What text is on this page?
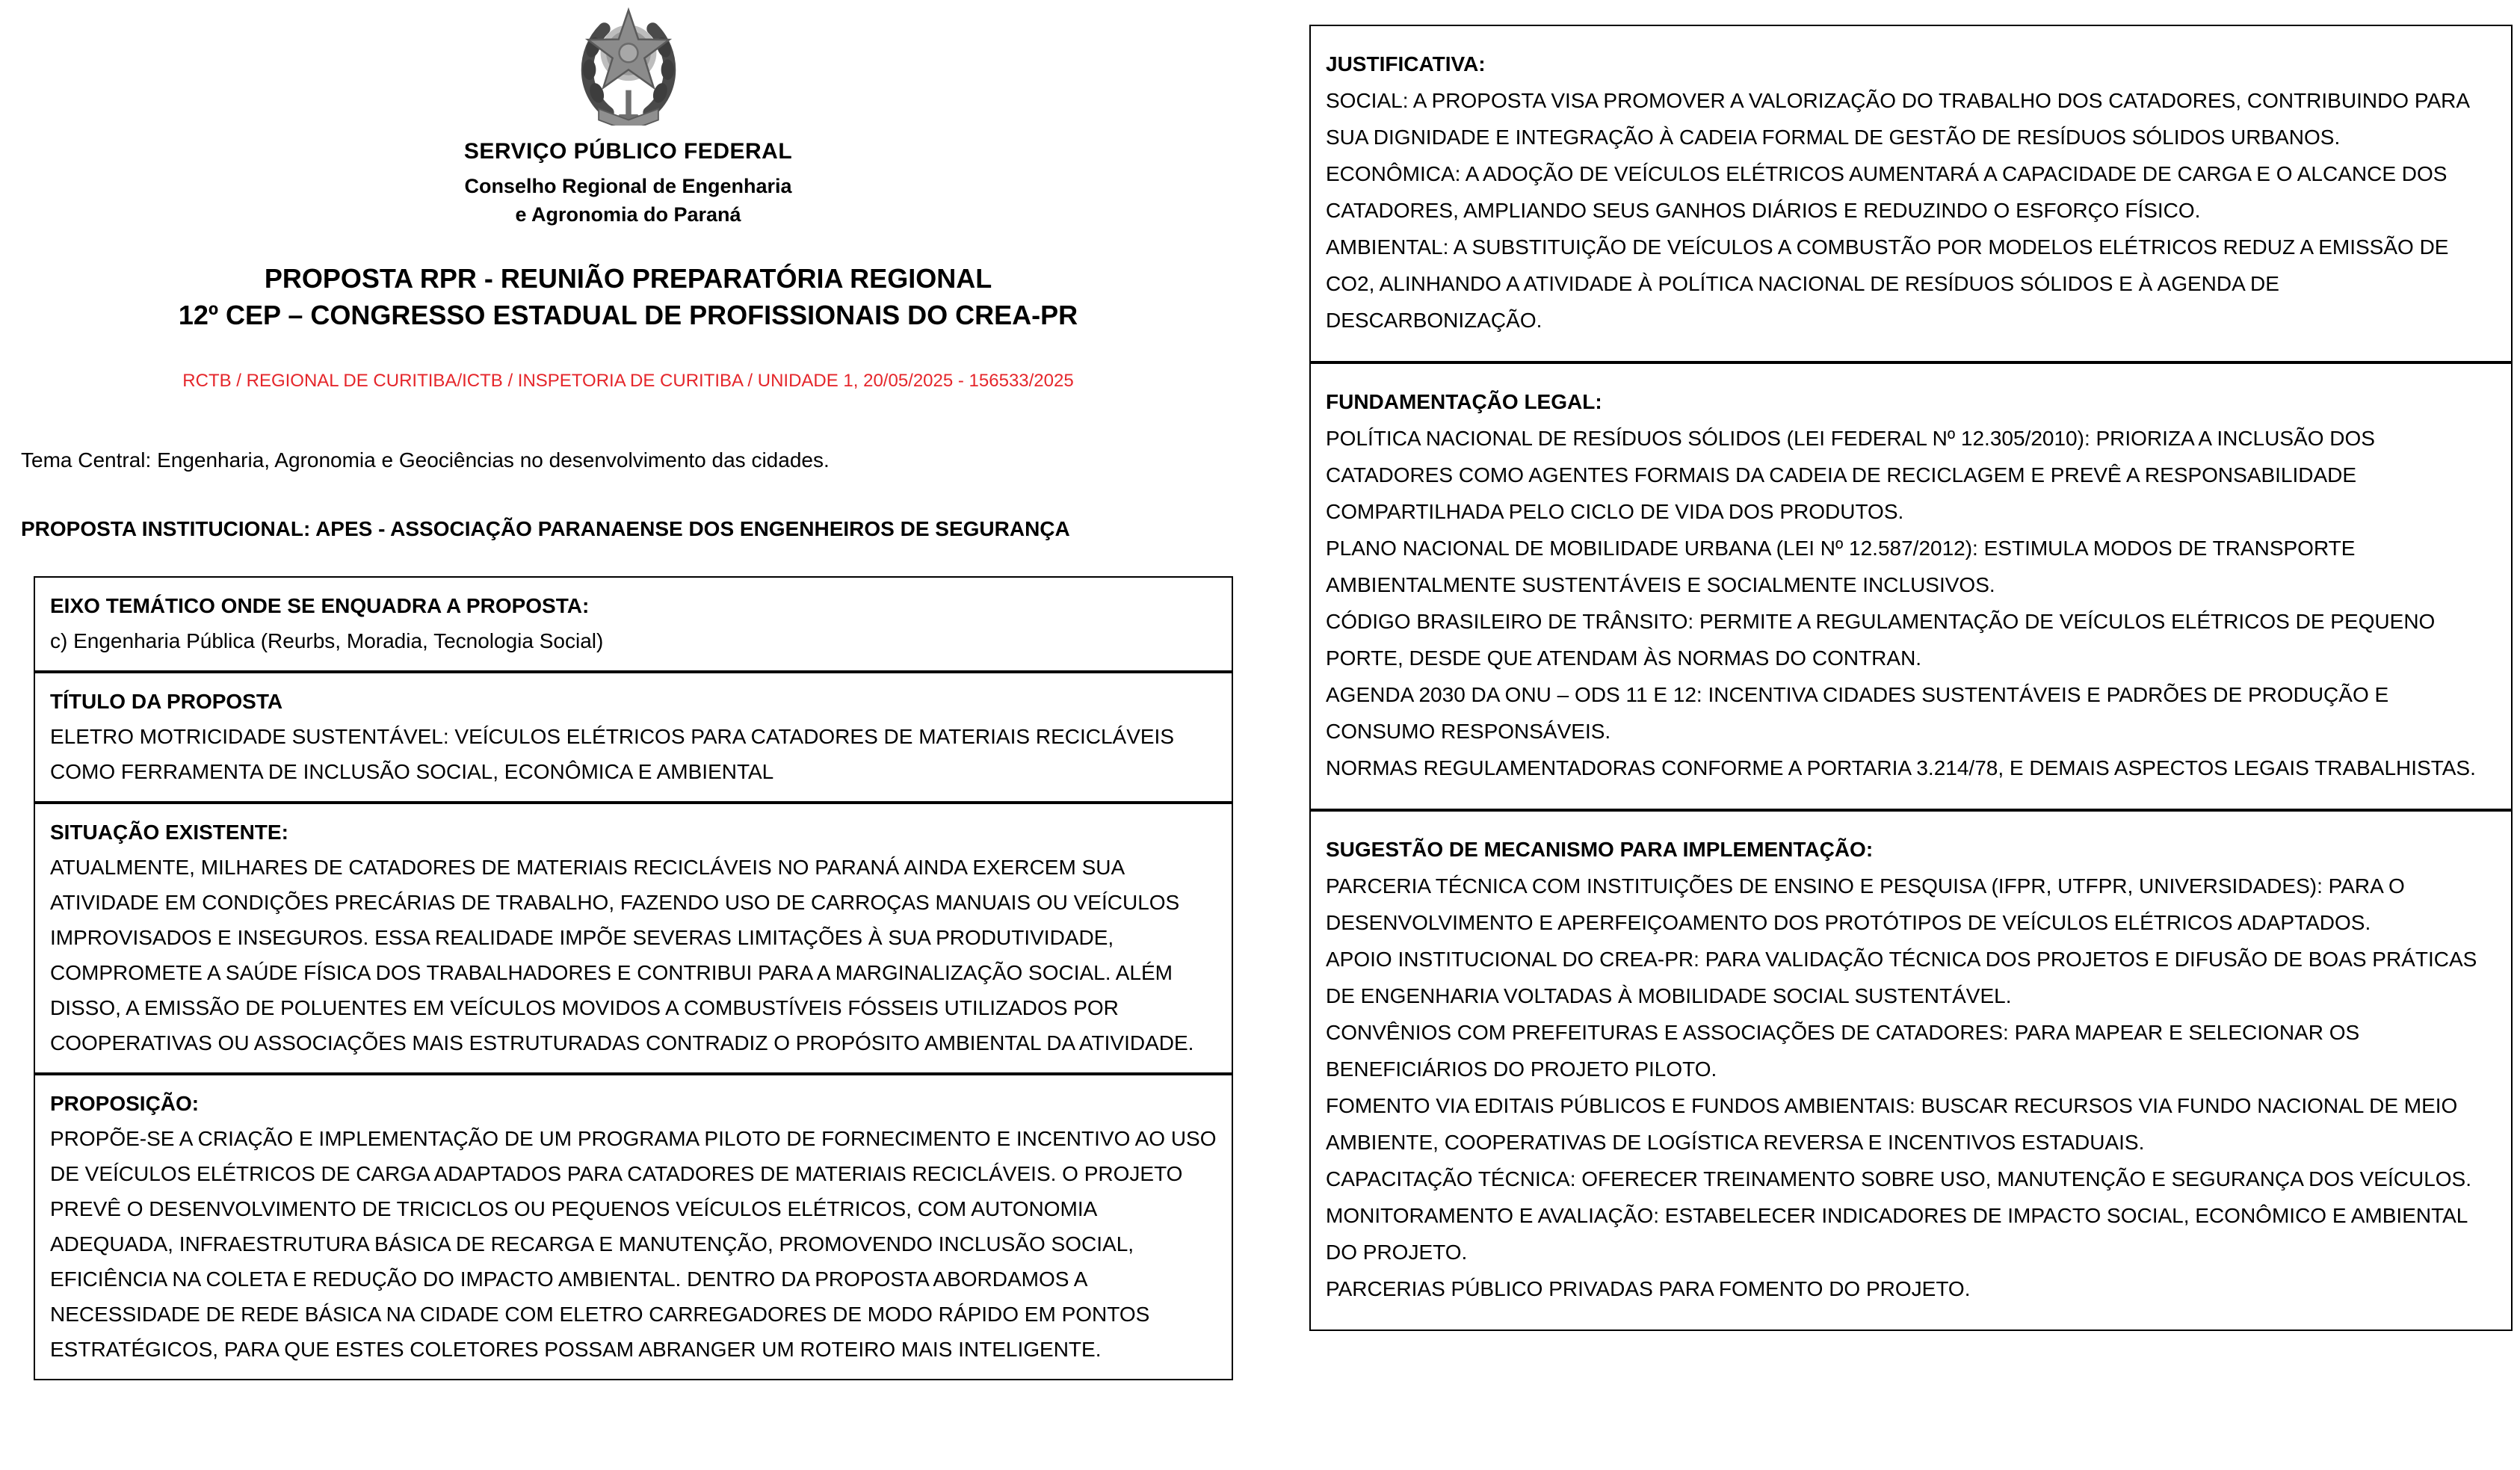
SERVIÇO PÚBLICO FEDERAL
Conselho Regional de Engenharia
e Agronomia do Paraná
PROPOSTA RPR - REUNIÃO PREPARATÓRIA REGIONAL
12º CEP – CONGRESSO ESTADUAL DE PROFISSIONAIS DO CREA-PR
RCTB / REGIONAL DE CURITIBA/ICTB / INSPETORIA DE CURITIBA / UNIDADE 1, 20/05/2025 - 156533/2025
Tema Central: Engenharia, Agronomia e Geociências no desenvolvimento das cidades.
PROPOSTA INSTITUCIONAL: APES - ASSOCIAÇÃO PARANAENSE DOS ENGENHEIROS DE SEGURANÇA
EIXO TEMÁTICO ONDE SE ENQUADRA A PROPOSTA:

c) Engenharia Pública (Reurbs, Moradia, Tecnologia Social)

TÍTULO DA PROPOSTA

ELETRO MOTRICIDADE SUSTENTÁVEL: VEÍCULOS ELÉTRICOS PARA CATADORES DE MATERIAIS RECICLÁVEIS COMO FERRAMENTA DE INCLUSÃO SOCIAL, ECONÔMICA E AMBIENTAL

SITUAÇÃO EXISTENTE:

ATUALMENTE, MILHARES DE CATADORES DE MATERIAIS RECICLÁVEIS NO PARANÁ AINDA EXERCEM SUA ATIVIDADE EM CONDIÇÕES PRECÁRIAS DE TRABALHO, FAZENDO USO DE CARROÇAS MANUAIS OU VEÍCULOS IMPROVISADOS E INSEGUROS. ESSA REALIDADE IMPÕE SEVERAS LIMITAÇÕES À SUA PRODUTIVIDADE, COMPROMETE A SAÚDE FÍSICA DOS TRABALHADORES E CONTRIBUI PARA A MARGINALIZAÇÃO SOCIAL. ALÉM DISSO, A EMISSÃO DE POLUENTES EM VEÍCULOS MOVIDOS A COMBUSTÍVEIS FÓSSEIS UTILIZADOS POR COOPERATIVAS OU ASSOCIAÇÕES MAIS ESTRUTURADAS CONTRADIZ O PROPÓSITO AMBIENTAL DA ATIVIDADE.

PROPOSIÇÃO:

PROPÕE-SE A CRIAÇÃO E IMPLEMENTAÇÃO DE UM PROGRAMA PILOTO DE FORNECIMENTO E INCENTIVO AO USO DE VEÍCULOS ELÉTRICOS DE CARGA ADAPTADOS PARA CATADORES DE MATERIAIS RECICLÁVEIS. O PROJETO PREVÊ O DESENVOLVIMENTO DE TRICICLOS OU PEQUENOS VEÍCULOS ELÉTRICOS, COM AUTONOMIA ADEQUADA, INFRAESTRUTURA BÁSICA DE RECARGA E MANUTENÇÃO, PROMOVENDO INCLUSÃO SOCIAL, EFICIÊNCIA NA COLETA E REDUÇÃO DO IMPACTO AMBIENTAL. DENTRO DA PROPOSTA ABORDAMOS A NECESSIDADE DE REDE BÁSICA NA CIDADE COM ELETRO CARREGADORES DE MODO RÁPIDO EM PONTOS ESTRATÉGICOS, PARA QUE ESTES COLETORES POSSAM ABRANGER UM ROTEIRO MAIS INTELIGENTE.

JUSTIFICATIVA:

SOCIAL: A PROPOSTA VISA PROMOVER A VALORIZAÇÃO DO TRABALHO DOS CATADORES, CONTRIBUINDO PARA SUA DIGNIDADE E INTEGRAÇÃO À CADEIA FORMAL DE GESTÃO DE RESÍDUOS SÓLIDOS URBANOS.

ECONÔMICA: A ADOÇÃO DE VEÍCULOS ELÉTRICOS AUMENTARÁ A CAPACIDADE DE CARGA E O ALCANCE DOS CATADORES, AMPLIANDO SEUS GANHOS DIÁRIOS E REDUZINDO O ESFORÇO FÍSICO.

AMBIENTAL: A SUBSTITUIÇÃO DE VEÍCULOS A COMBUSTÃO POR MODELOS ELÉTRICOS REDUZ A EMISSÃO DE CO2, ALINHANDO A ATIVIDADE À POLÍTICA NACIONAL DE RESÍDUOS SÓLIDOS E À AGENDA DE DESCARBONIZAÇÃO.

FUNDAMENTAÇÃO LEGAL:

POLÍTICA NACIONAL DE RESÍDUOS SÓLIDOS (LEI FEDERAL Nº 12.305/2010): PRIORIZA A INCLUSÃO DOS CATADORES COMO AGENTES FORMAIS DA CADEIA DE RECICLAGEM E PREVÊ A RESPONSABILIDADE COMPARTILHADA PELO CICLO DE VIDA DOS PRODUTOS.

PLANO NACIONAL DE MOBILIDADE URBANA (LEI Nº 12.587/2012): ESTIMULA MODOS DE TRANSPORTE AMBIENTALMENTE SUSTENTÁVEIS E SOCIALMENTE INCLUSIVOS.

CÓDIGO BRASILEIRO DE TRÂNSITO: PERMITE A REGULAMENTAÇÃO DE VEÍCULOS ELÉTRICOS DE PEQUENO PORTE, DESDE QUE ATENDAM ÀS NORMAS DO CONTRAN.

AGENDA 2030 DA ONU – ODS 11 E 12: INCENTIVA CIDADES SUSTENTÁVEIS E PADRÕES DE PRODUÇÃO E CONSUMO RESPONSÁVEIS.

NORMAS REGULAMENTADORAS CONFORME A PORTARIA 3.214/78, E DEMAIS ASPECTOS LEGAIS TRABALHISTAS.

SUGESTÃO DE MECANISMO PARA IMPLEMENTAÇÃO:

PARCERIA TÉCNICA COM INSTITUIÇÕES DE ENSINO E PESQUISA (IFPR, UTFPR, UNIVERSIDADES): PARA O DESENVOLVIMENTO E APERFEIÇOAMENTO DOS PROTÓTIPOS DE VEÍCULOS ELÉTRICOS ADAPTADOS.

APOIO INSTITUCIONAL DO CREA-PR: PARA VALIDAÇÃO TÉCNICA DOS PROJETOS E DIFUSÃO DE BOAS PRÁTICAS DE ENGENHARIA VOLTADAS À MOBILIDADE SOCIAL SUSTENTÁVEL.

CONVÊNIOS COM PREFEITURAS E ASSOCIAÇÕES DE CATADORES: PARA MAPEAR E SELECIONAR OS BENEFICIÁRIOS DO PROJETO PILOTO.

FOMENTO VIA EDITAIS PÚBLICOS E FUNDOS AMBIENTAIS: BUSCAR RECURSOS VIA FUNDO NACIONAL DE MEIO AMBIENTE, COOPERATIVAS DE LOGÍSTICA REVERSA E INCENTIVOS ESTADUAIS.

CAPACITAÇÃO TÉCNICA: OFERECER TREINAMENTO SOBRE USO, MANUTENÇÃO E SEGURANÇA DOS VEÍCULOS.

MONITORAMENTO E AVALIAÇÃO: ESTABELECER INDICADORES DE IMPACTO SOCIAL, ECONÔMICO E AMBIENTAL DO PROJETO.

PARCERIAS PÚBLICO PRIVADAS PARA FOMENTO DO PROJETO.
